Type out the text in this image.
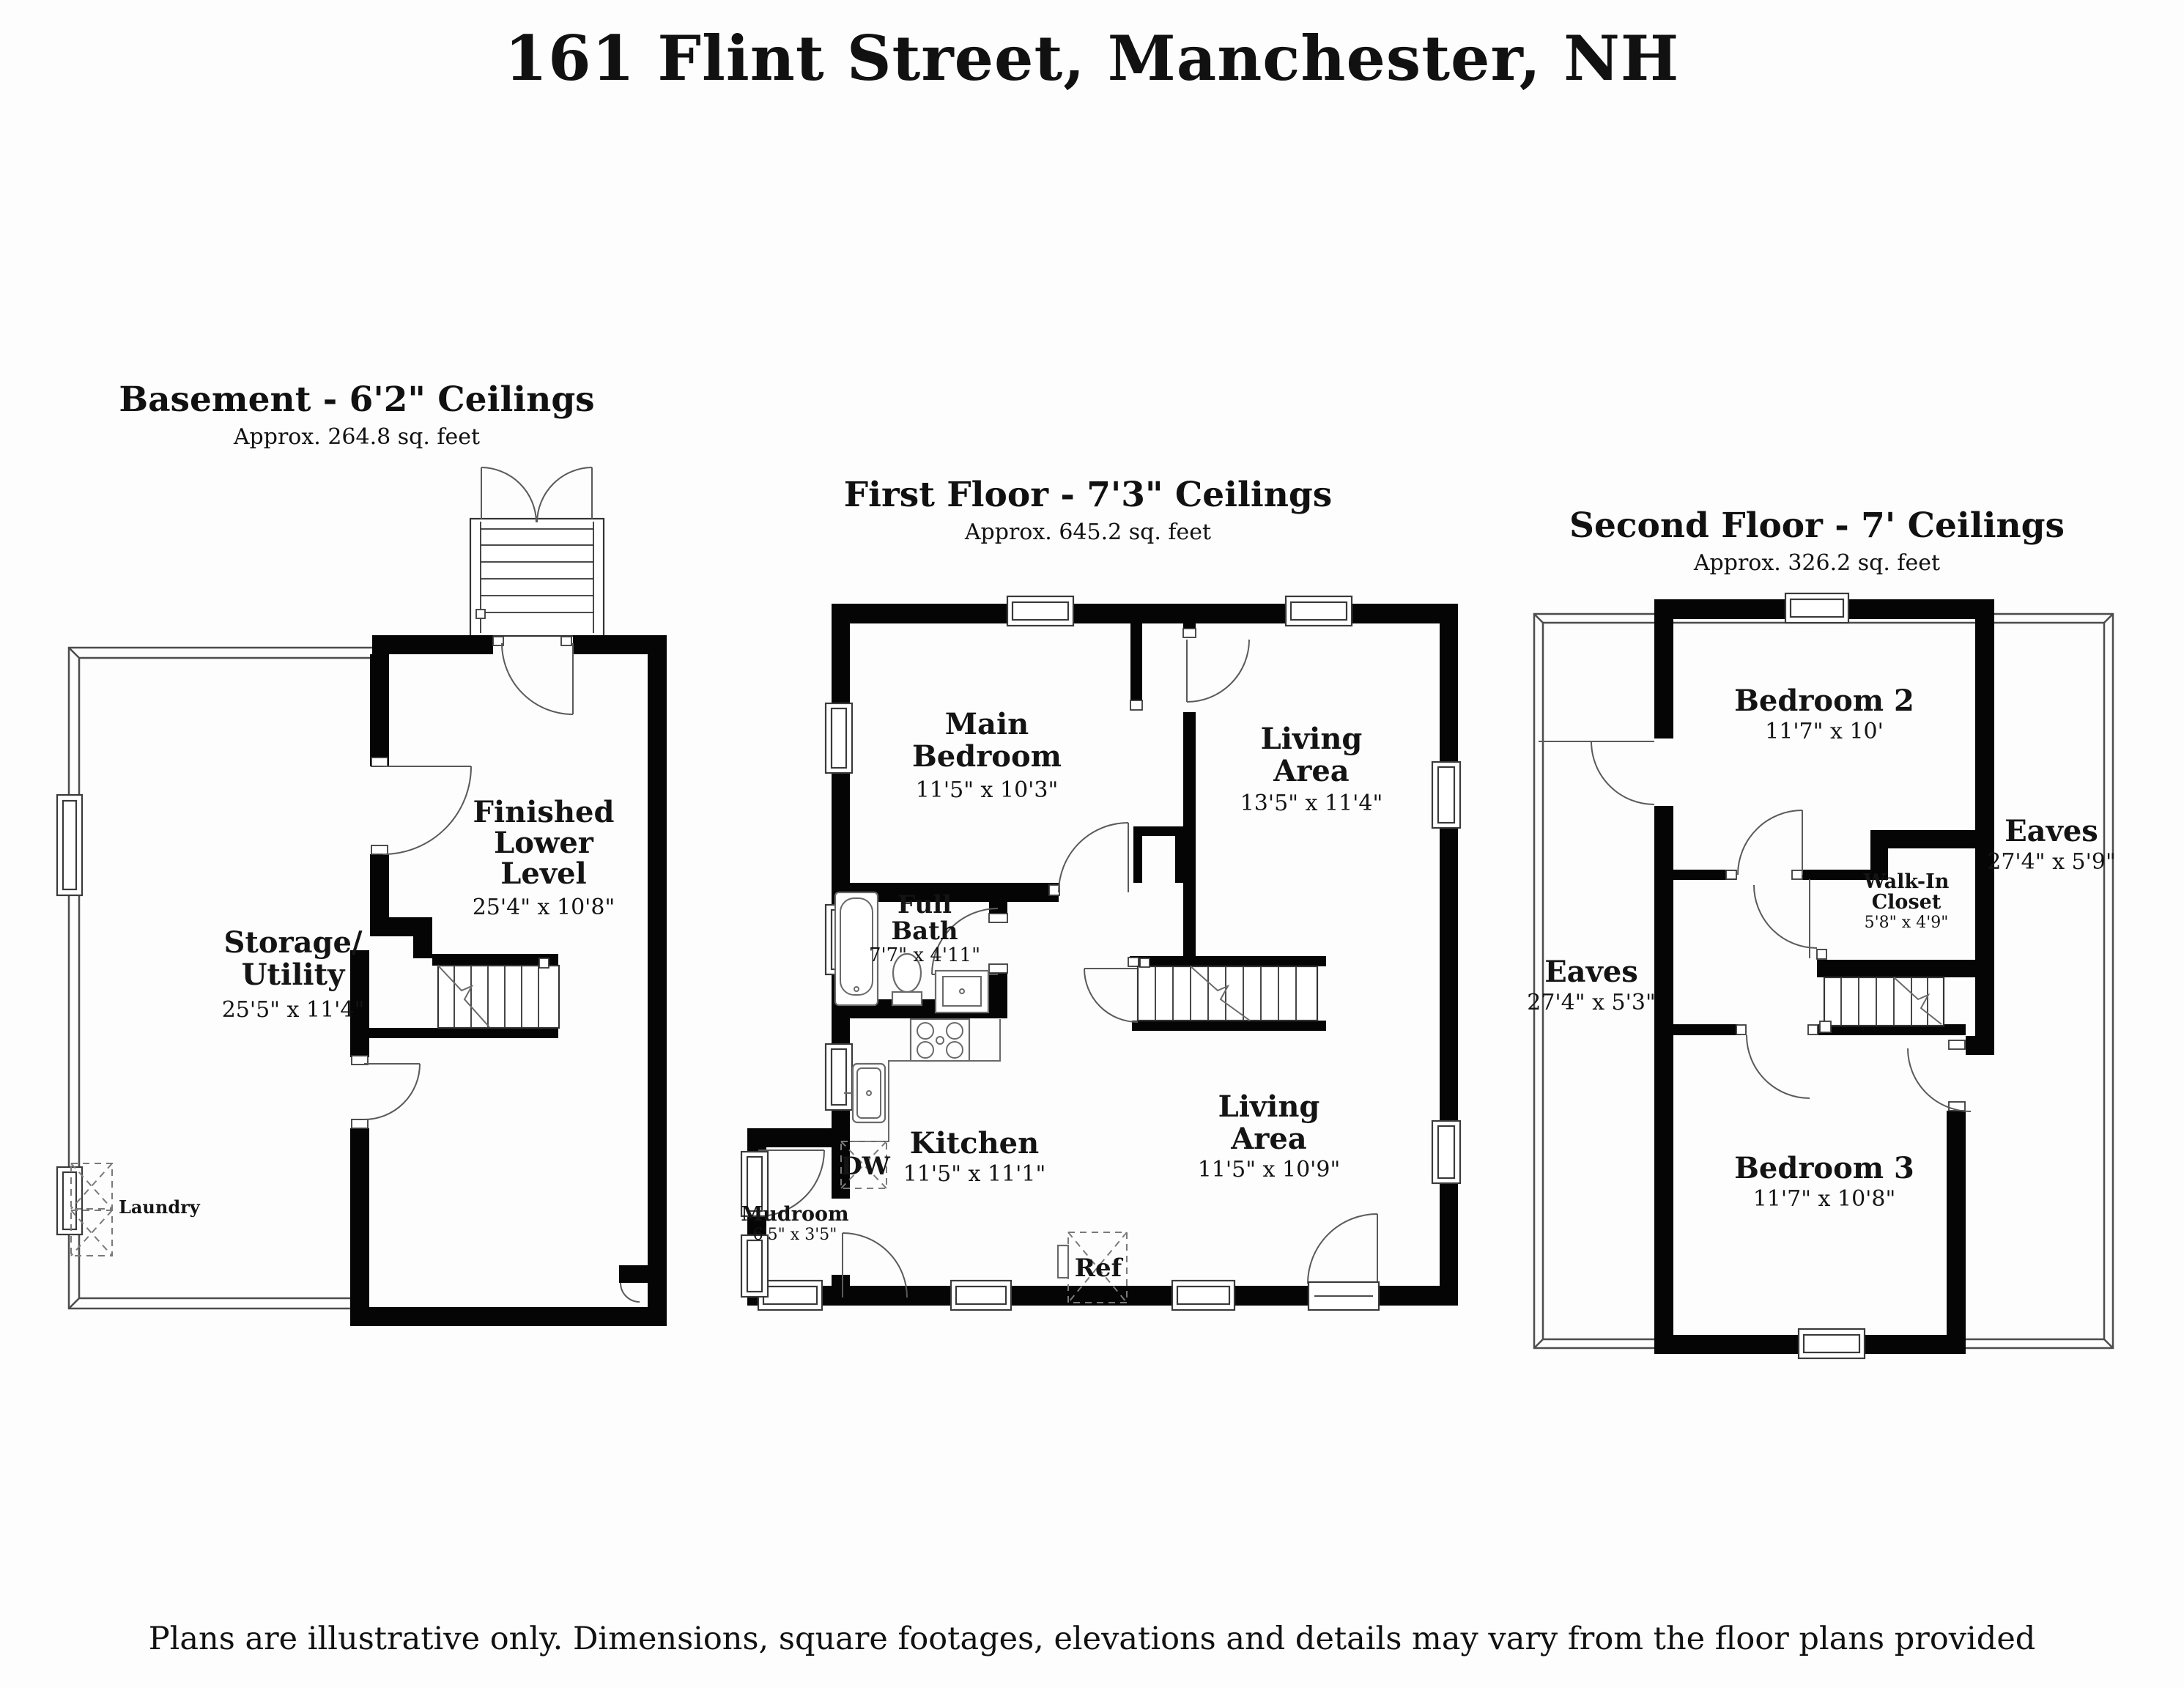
161 Flint Street, Manchester, NH
Basement - 6'2" Ceilings
Approx. 264.8 sq. feet
First Floor - 7'3" Ceilings
Approx. 645.2 sq. feet	Second Floor - 7' Ceilings
Approx. 326.2 sq. feet
Storage/
Utility
25'5" x 11'4"
Finished
Lower
Level
25'4" x 10'8"
Laundry
Main
Bedroom
11'5" x 10'3"
Living
Area
13'5" x 11'4"
Living
Area
11'5" x 10'9"
Kitchen
11'5" x 11'1"
Full
Bath
7'7" x 4'11"
Mudroom
6'5" x 3'5"
DW
Ref
Bedroom 2
11'7" x 10'
Bedroom 3
11'7" x 10'8"
Walk-In
Closet
5'8" x 4'9"
Eaves
27'4" x 5'9"
Eaves
27'4" x 5'3"
Plans are illustrative only. Dimensions, square footages, elevations and details may vary from the floor plans provided
